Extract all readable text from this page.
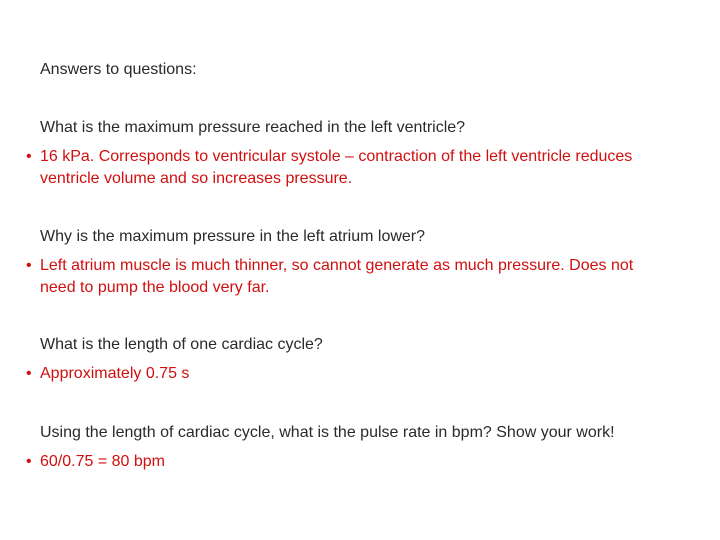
Answers to questions:
What is the maximum pressure reached in the left ventricle?
• 16 kPa. Corresponds to ventricular systole – contraction of the left ventricle reduces ventricle volume and so increases pressure.
Why is the maximum pressure in the left atrium lower?
• Left atrium muscle is much thinner, so cannot generate as much pressure. Does not need to pump the blood very far.
What is the length of one cardiac cycle?
• Approximately 0.75 s
Using the length of cardiac cycle, what is the pulse rate in bpm? Show your work!
• 60/0.75 = 80 bpm
